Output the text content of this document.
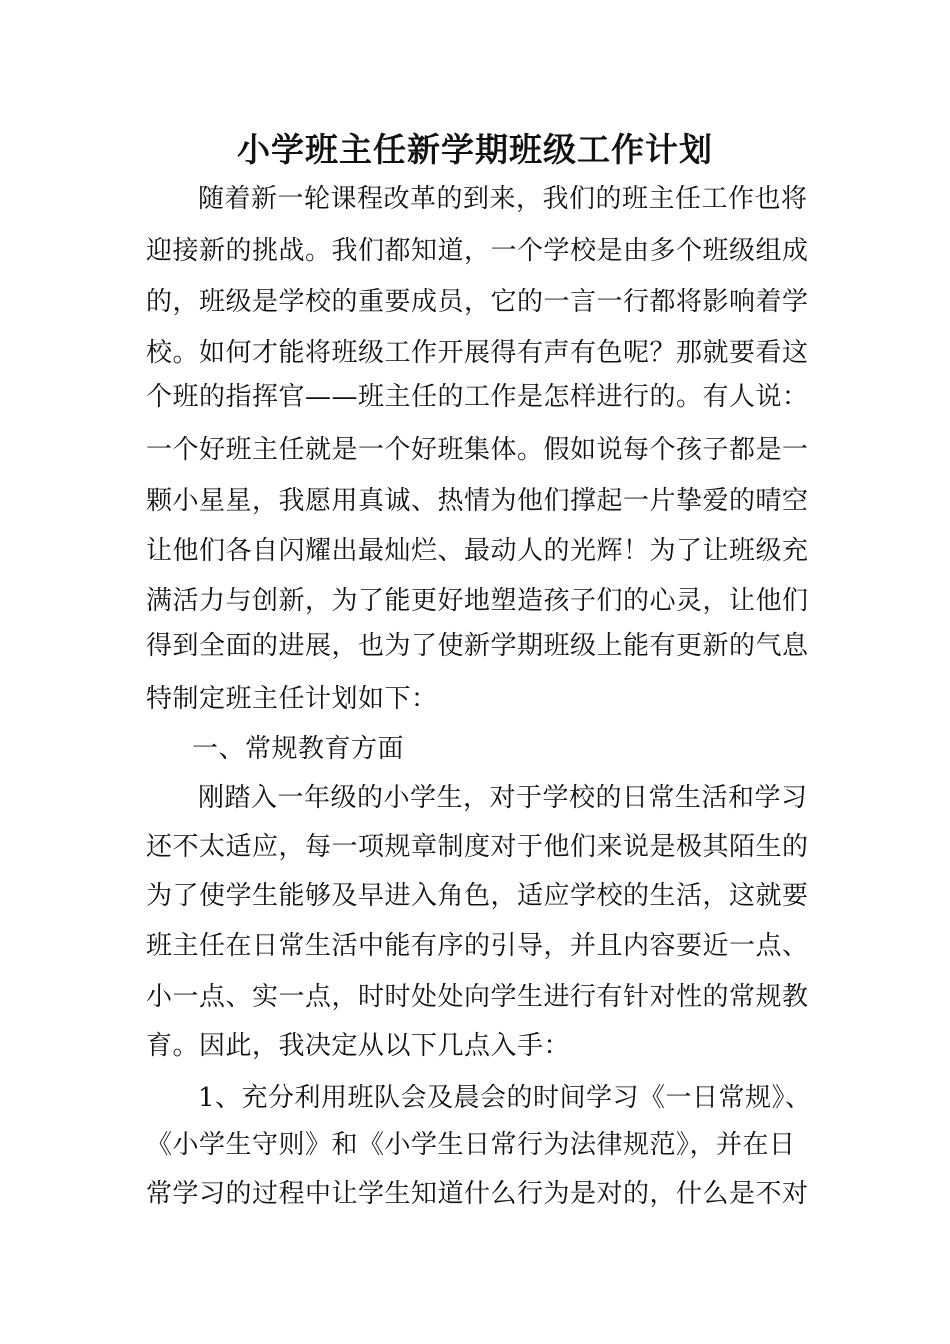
小学班主任新学期班级工作计划
随着新一轮课程改革的到来，我们的班主任工作也将
迎接新的挑战。我们都知道，一个学校是由多个班级组成
的，班级是学校的重要成员，它的一言一行都将影响着学
校。如何才能将班级工作开展得有声有色呢？那就要看这
个班的指挥官——班主任的工作是怎样进行的。有人说：
一个好班主任就是一个好班集体。假如说每个孩子都是一
颗小星星，我愿用真诚、热情为他们撑起一片挚爱的晴空
让他们各自闪耀出最灿烂、最动人的光辉！为了让班级充
满活力与创新，为了能更好地塑造孩子们的心灵，让他们
得到全面的进展，也为了使新学期班级上能有更新的气息
特制定班主任计划如下：
一、常规教育方面
刚踏入一年级的小学生，对于学校的日常生活和学习
还不太适应，每一项规章制度对于他们来说是极其陌生的
为了使学生能够及早进入角色，适应学校的生活，这就要
班主任在日常生活中能有序的引导，并且内容要近一点、
小一点、实一点，时时处处向学生进行有针对性的常规教
育。因此，我决定从以下几点入手：
1、充分利用班队会及晨会的时间学习《一日常规》、
《小学生守则》和《小学生日常行为法律规范》，并在日
常学习的过程中让学生知道什么行为是对的，什么是不对
